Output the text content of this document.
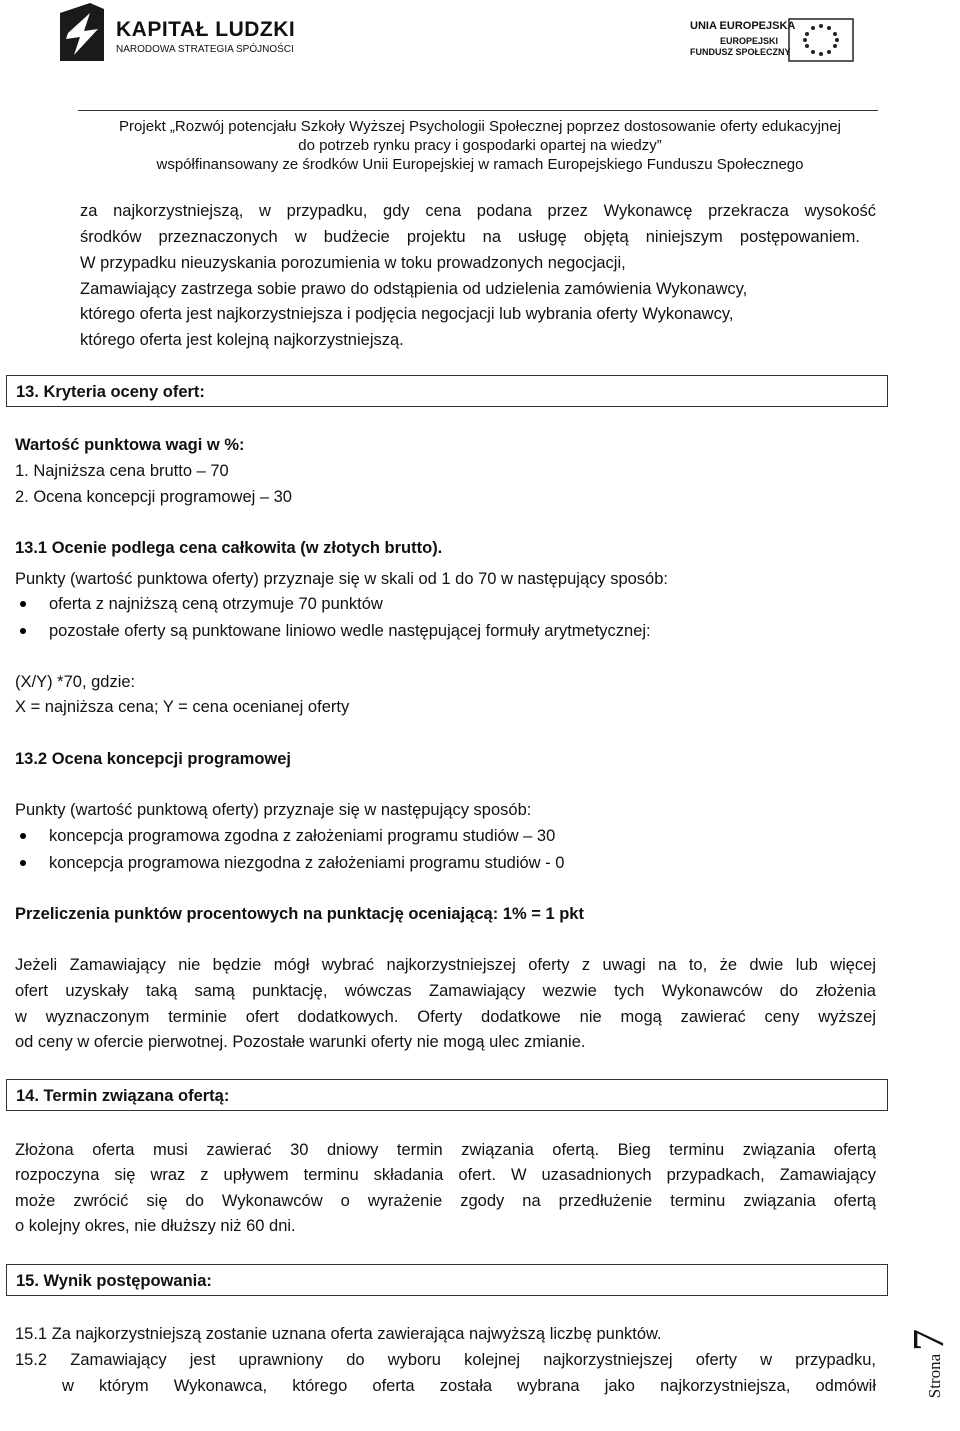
KAPITAŁ LUDZKI
NARODOWA STRATEGIA SPÓJNOŚCI
UNIA EUROPEJSKA
EUROPEJSKI
FUNDUSZ SPOŁECZNY
Projekt „Rozwój potencjału Szkoły Wyższej Psychologii Społecznej poprzez dostosowanie oferty edukacyjnej
do potrzeb rynku pracy i gospodarki opartej na wiedzy”
współfinansowany ze środków Unii Europejskiej w ramach Europejskiego Funduszu Społecznego
za najkorzystniejszą, w przypadku, gdy cena podana przez Wykonawcę przekracza wysokość
środków przeznaczonych w budżecie projektu na usługę objętą niniejszym postępowaniem.
W przypadku nieuzyskania porozumienia w toku prowadzonych negocjacji,
Zamawiający zastrzega sobie prawo do odstąpienia od udzielenia zamówienia Wykonawcy,
którego oferta jest najkorzystniejsza i podjęcia negocjacji lub wybrania oferty Wykonawcy,
którego oferta jest kolejną najkorzystniejszą.
13. Kryteria oceny ofert:
Wartość punktowa wagi w %:
1. Najniższa cena brutto – 70
2. Ocena koncepcji programowej – 30
13.1 Ocenie podlega cena całkowita (w złotych brutto).
Punkty (wartość punktowa oferty) przyznaje się w skali od 1 do 70 w następujący sposób:
oferta z najniższą ceną otrzymuje 70 punktów
pozostałe oferty są punktowane liniowo wedle następującej formuły arytmetycznej:
(X/Y) *70, gdzie:
X = najniższa cena; Y = cena ocenianej oferty
13.2 Ocena koncepcji programowej
Punkty (wartość punktową oferty) przyznaje się w następujący sposób:
koncepcja programowa zgodna z założeniami programu studiów – 30
koncepcja programowa niezgodna z założeniami programu studiów - 0
Przeliczenia punktów procentowych na punktację oceniającą: 1% = 1 pkt
Jeżeli Zamawiający nie będzie mógł wybrać najkorzystniejszej oferty z uwagi na to, że dwie lub więcej
ofert uzyskały taką samą punktację, wówczas Zamawiający wezwie tych Wykonawców do złożenia
w wyznaczonym terminie ofert dodatkowych. Oferty dodatkowe nie mogą zawierać ceny wyższej
od ceny w ofercie pierwotnej. Pozostałe warunki oferty nie mogą ulec zmianie.
14. Termin związana ofertą:
Złożona oferta musi zawierać 30 dniowy termin związania ofertą. Bieg terminu związania ofertą
rozpoczyna się wraz z upływem terminu składania ofert. W uzasadnionych przypadkach, Zamawiający
może zwrócić się do Wykonawców o wyrażenie zgody na przedłużenie terminu związania ofertą
o kolejny okres, nie dłuższy niż 60 dni.
15. Wynik postępowania:
15.1 Za najkorzystniejszą zostanie uznana oferta zawierająca najwyższą liczbę punktów.
15.2 Zamawiający jest uprawniony do wyboru kolejnej najkorzystniejszej oferty w przypadku,
w którym Wykonawca, którego oferta została wybrana jako najkorzystniejsza, odmówił	Strona
7
